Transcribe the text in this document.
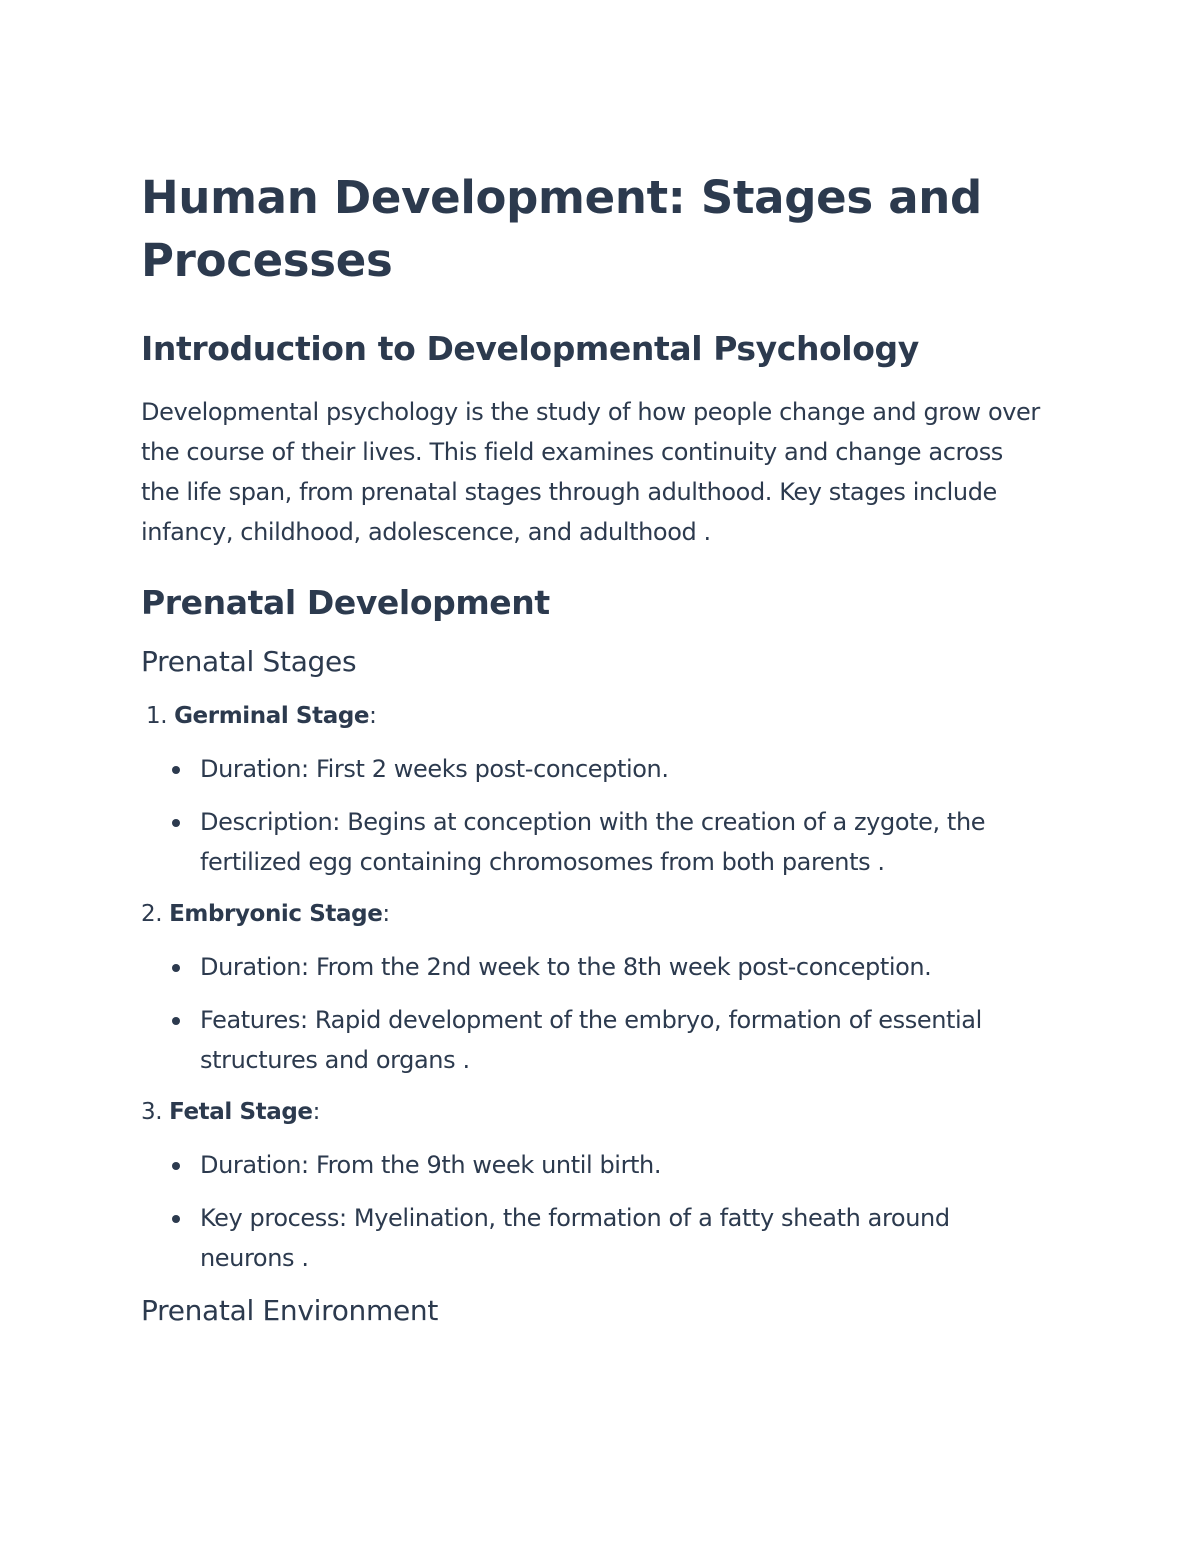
Human Development: Stages and Processes
Introduction to Developmental Psychology

Developmental psychology is the study of how people change and grow over the course of their lives. This field examines continuity and change across the life span, from prenatal stages through adulthood. Key stages include infancy, childhood, adolescence, and adulthood .

Prenatal Development
Prenatal Stages
1. Germinal Stage:
Duration: First 2 weeks post-conception.
Description: Begins at conception with the creation of a zygote, the fertilized egg containing chromosomes from both parents .
2. Embryonic Stage:
Duration: From the 2nd week to the 8th week post-conception.
Features: Rapid development of the embryo, formation of essential structures and organs .
3. Fetal Stage:
Duration: From the 9th week until birth.
Key process: Myelination, the formation of a fatty sheath around neurons .
Prenatal Environment
